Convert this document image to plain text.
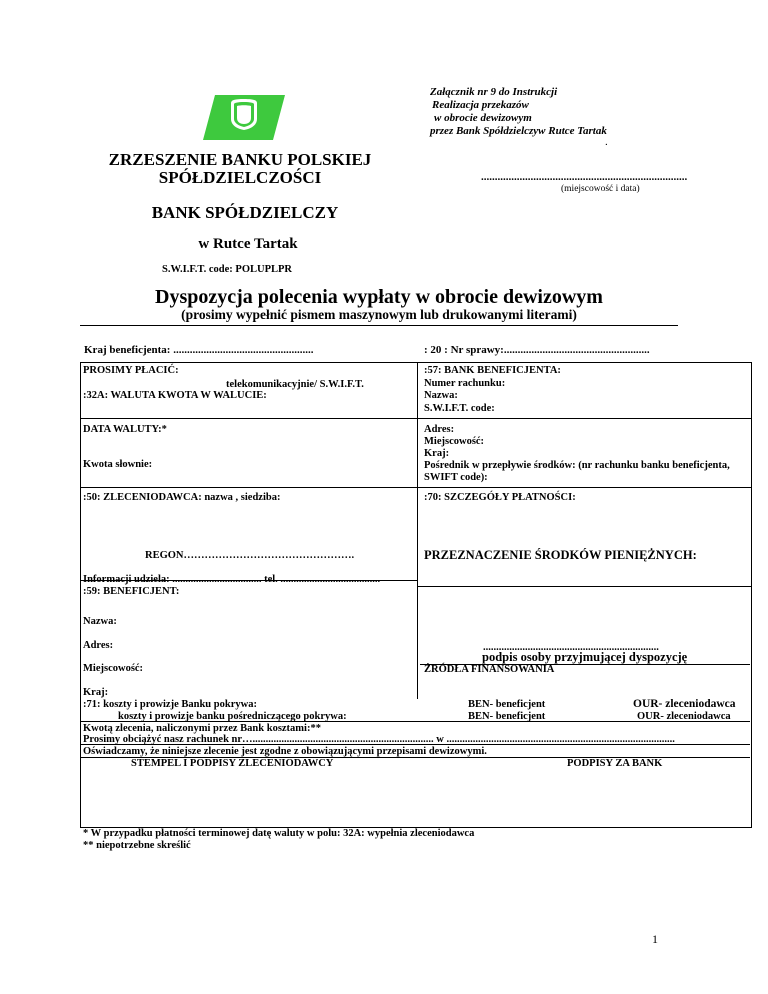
Załącznik nr 9 do Instrukcji
Realizacja przekazów
w obrocie dewizowym
przez Bank Spółdzielczyw Rutce Tartak
.
ZRZESZENIE BANKU POLSKIEJ
SPÓŁDZIELCZOŚCI
BANK SPÓŁDZIELCZY
w Rutce Tartak
S.W.I.F.T. code: POLUPLPR
...........................................................................
(miejscowość i data)
Dyspozycja polecenia wypłaty w obrocie dewizowym
(prosimy wypełnić pismem maszynowym lub drukowanymi literami)
Kraj beneficjenta: ...................................................	: 20 : Nr sprawy:.....................................................
PROSIMY PŁACIĆ:
telekomunikacyjnie/ S.W.I.F.T.
:32A: WALUTA KWOTA W WALUCIE:
DATA WALUTY:*
Kwota słownie:
:50: ZLECENIODAWCA: nazwa , siedziba:
REGON………………………………………….
Informacji udziela: .................................. tel. ......................................
:59: BENEFICJENT:
Nazwa:
Adres:
Miejscowość:
Kraj:
:57: BANK BENEFICJENTA:
Numer rachunku:
Nazwa:
S.W.I.F.T. code:
Adres:
Miejscowość:
Kraj:
Pośrednik w przepływie środków: (nr rachunku banku beneficjenta,
SWIFT code):
:70: SZCZEGÓŁY PŁATNOŚCI:
PRZEZNACZENIE ŚRODKÓW PIENIĘŻNYCH:
...................................................................
podpis osoby przyjmującej dyspozycję
ŹRÓDŁA FINANSOWANIA
:71: koszty i prowizje Banku pokrywa:
koszty i prowizje banku pośredniczącego pokrywa:
BEN- beneficjent
BEN- beneficjent
OUR- zleceniodawca
OUR- zleceniodawca
Kwotą zlecenia, naliczonymi przez Bank kosztami:**
Prosimy obciążyć nasz rachunek nr…..................................................................... w .......................................................................................
Oświadczamy, że niniejsze zlecenie jest zgodne z obowiązującymi przepisami dewizowymi.
STEMPEL I PODPISY ZLECENIODAWCY	PODPISY ZA BANK
* W przypadku płatności terminowej datę waluty w polu: 32A: wypełnia zleceniodawca
** niepotrzebne skreślić
1
